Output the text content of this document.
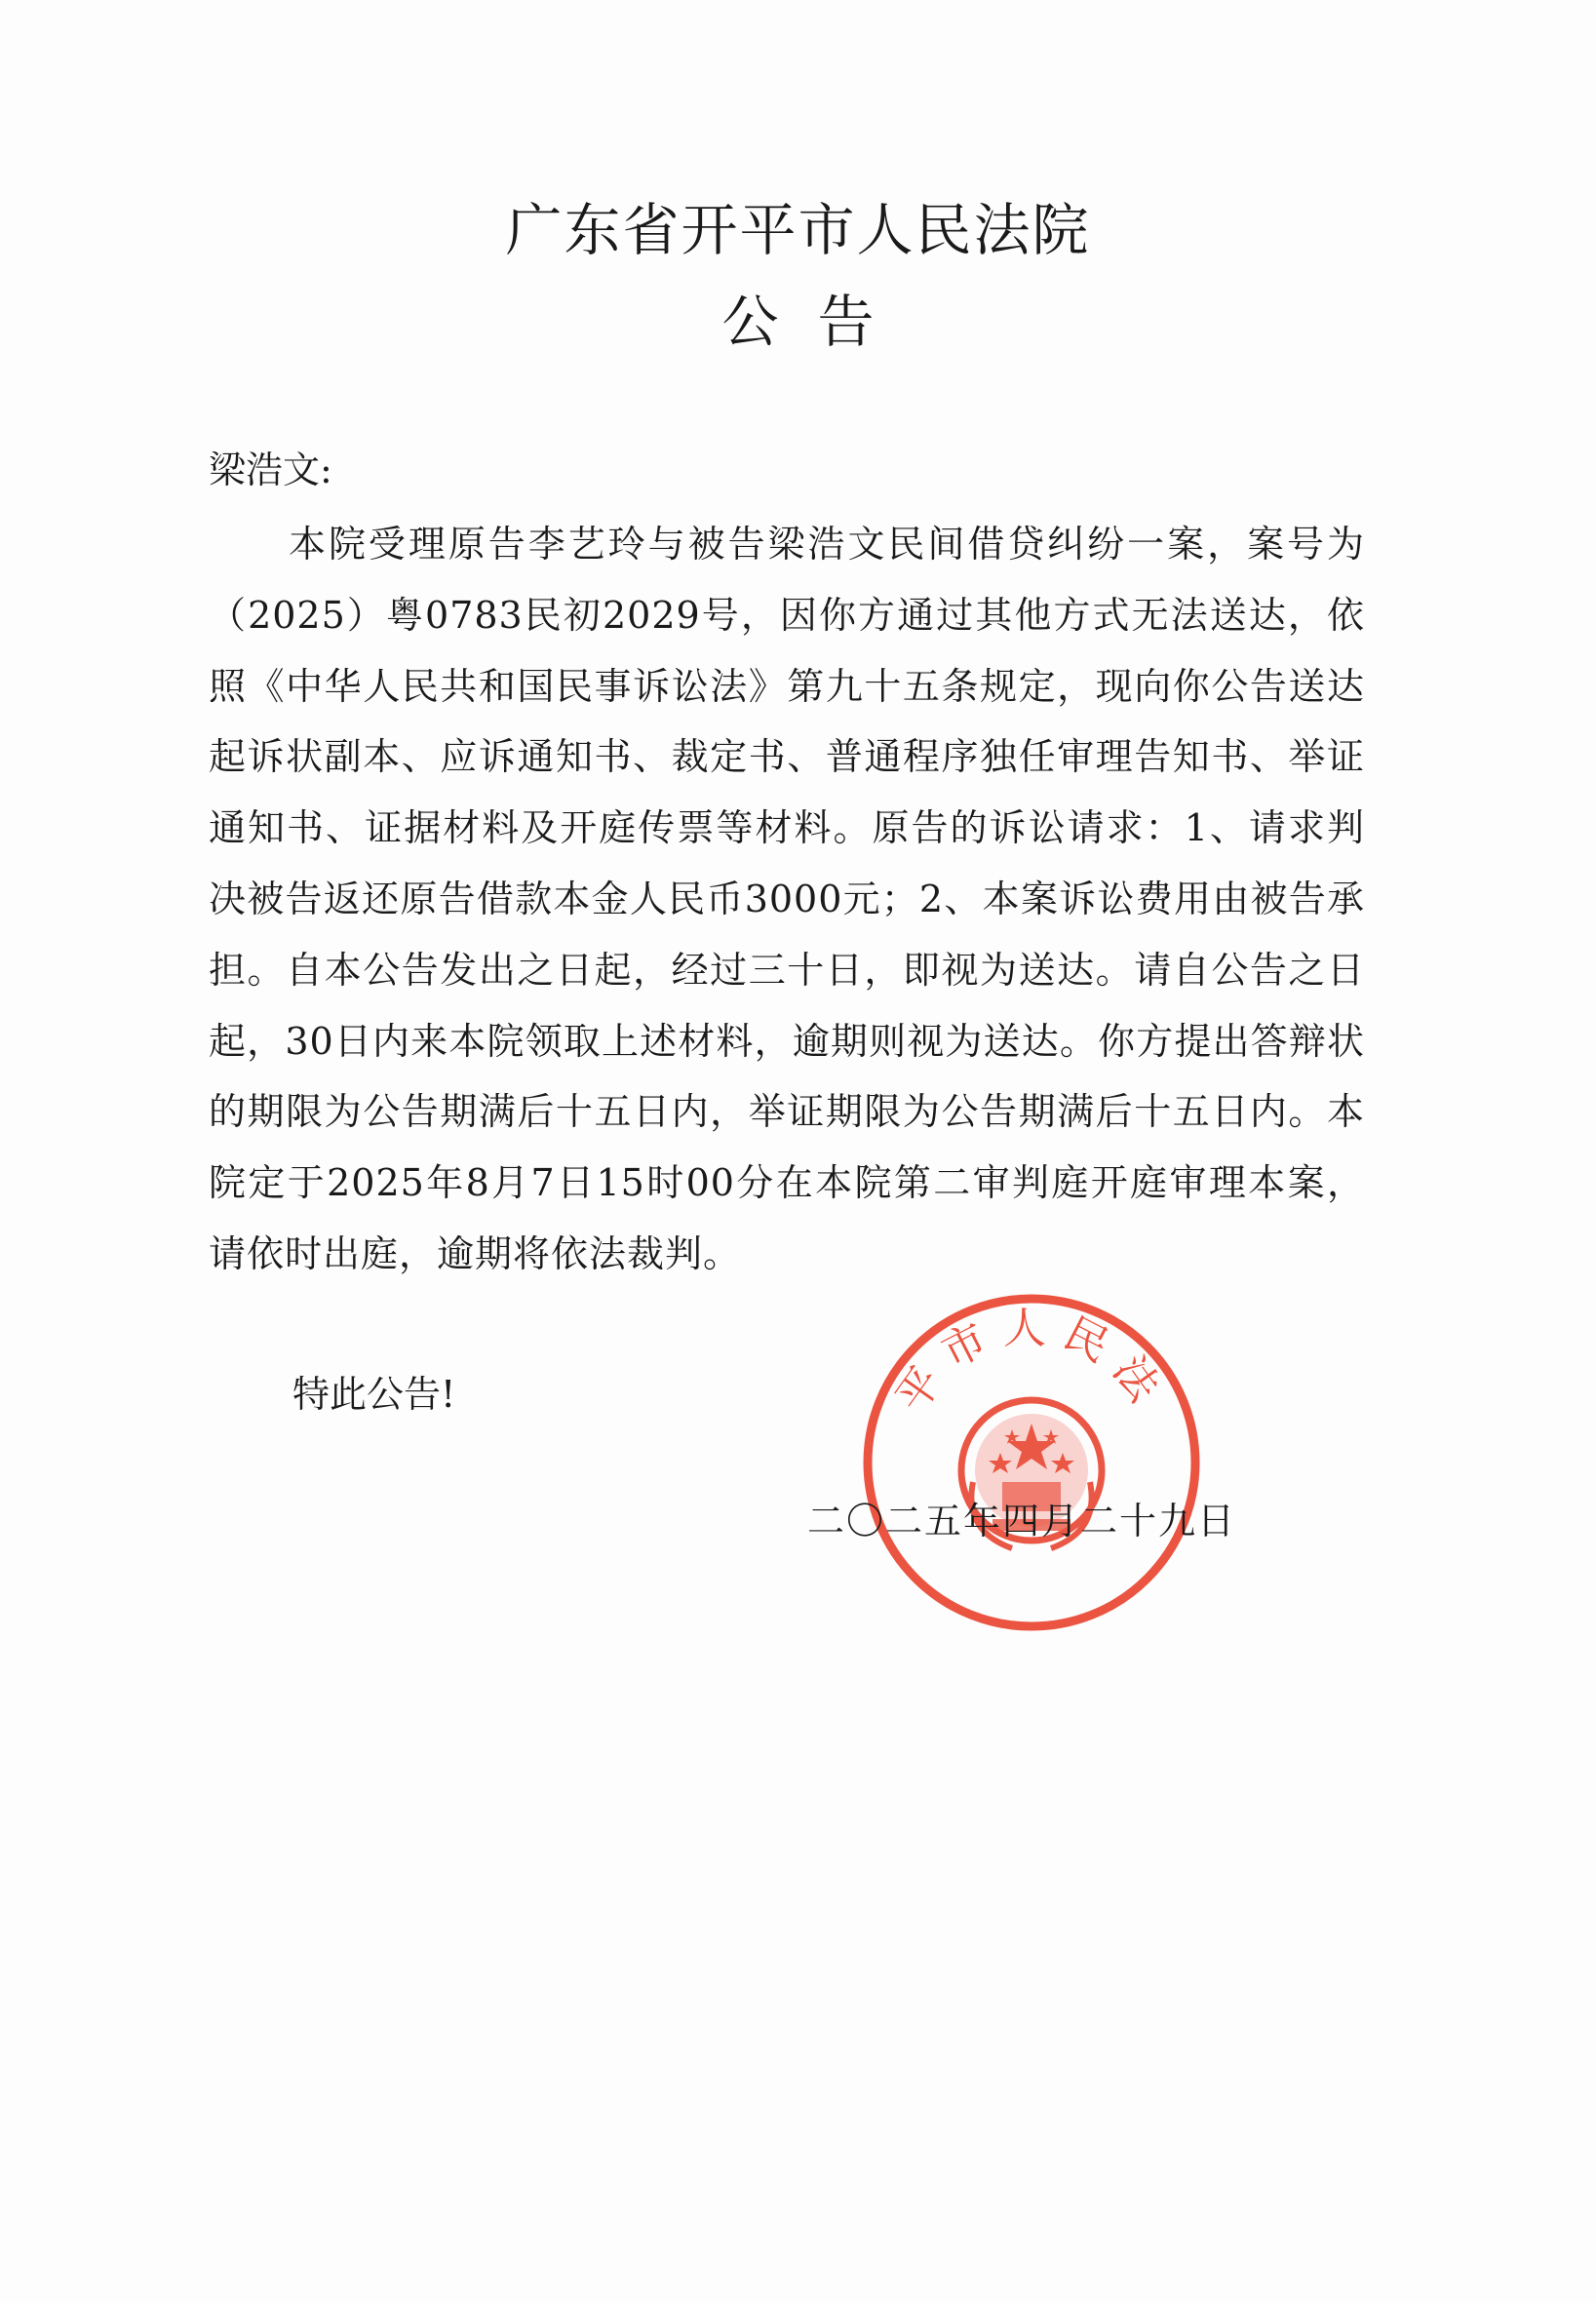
广东省开平市人民法院
公告
梁浩文:

本院受理原告李艺玲与被告梁浩文民间借贷纠纷一案，案号为（2025）粤0783民初2029号，因你方通过其他方式无法送达，依照《中华人民共和国民事诉讼法》第九十五条规定，现向你公告送达起诉状副本、应诉通知书、裁定书、普通程序独任审理告知书、举证通知书、证据材料及开庭传票等材料。原告的诉讼请求：1、请求判决被告返还原告借款本金人民币3000元；2、本案诉讼费用由被告承担。自本公告发出之日起，经过三十日，即视为送达。请自公告之日起，30日内来本院领取上述材料，逾期则视为送达。你方提出答辩状的期限为公告期满后十五日内，举证期限为公告期满后十五日内。本院定于2025年8月7日15时00分在本院第二审判庭开庭审理本案，请依时出庭，逾期将依法裁判。

特此公告!	平市人民法
二〇二五年四月二十九日
